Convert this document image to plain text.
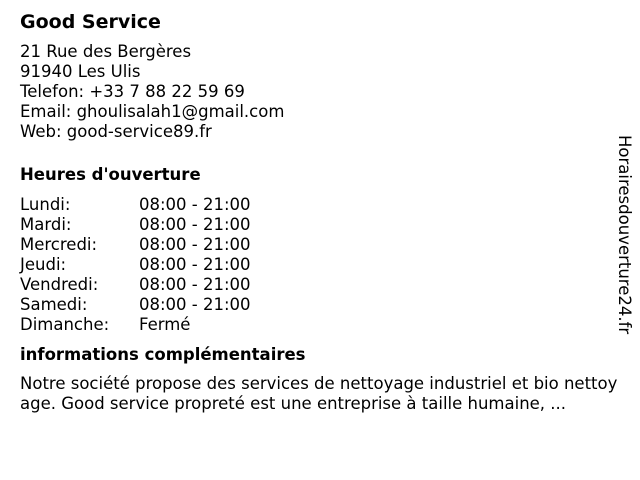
Good Service
21 Rue des Bergères
91940 Les Ulis
Telefon: +33 7 88 22 59 69
Email: ghoulisalah1@gmail.com
Web: good-service89.fr
Heures d'ouverture
Lundi:	08:00 - 21:00
Mardi:	08:00 - 21:00
Mercredi:	08:00 - 21:00
Jeudi:	08:00 - 21:00
Vendredi:	08:00 - 21:00
Samedi:	08:00 - 21:00
Dimanche:	Fermé
informations complémentaires
Notre société propose des services de nettoyage industriel et bio nettoyage. Good service propreté est une entreprise à taille humaine, ...
Horairesdouverture24.fr
